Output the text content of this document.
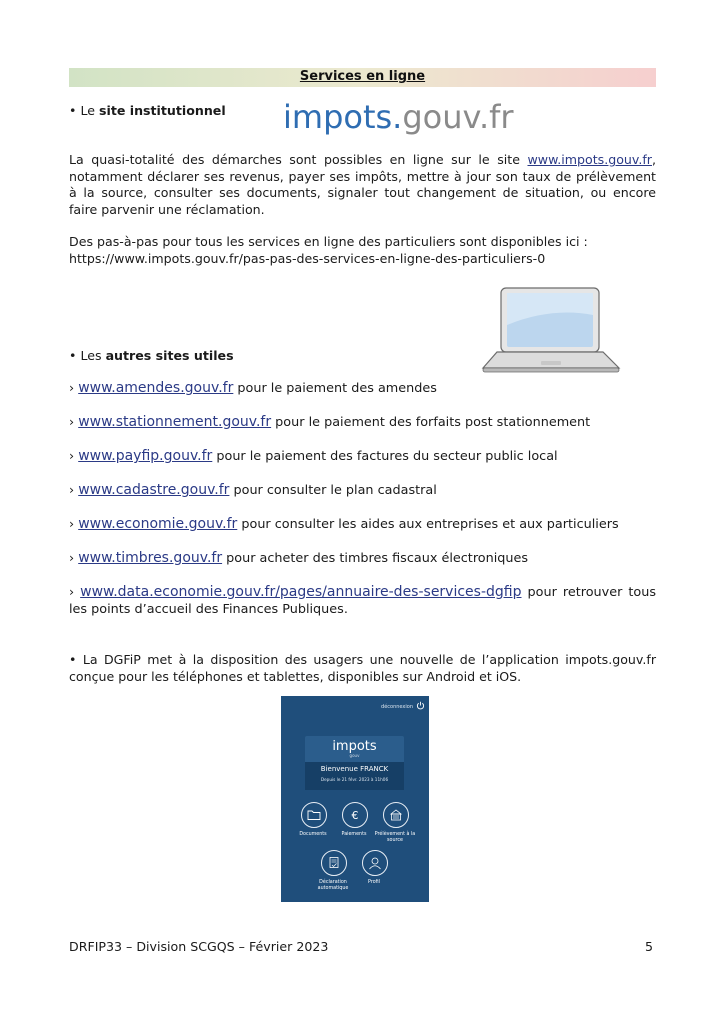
Services en ligne
• Le site institutionnel impots.gouv.fr
La quasi-totalité des démarches sont possibles en ligne sur le site www.impots.gouv.fr,
notamment déclarer ses revenus, payer ses impôts, mettre à jour son taux de prélèvement
à la source, consulter ses documents, signaler tout changement de situation, ou encore
faire parvenir une réclamation.
Des pas-à-pas pour tous les services en ligne des particuliers sont disponibles ici :
https://www.impots.gouv.fr/pas-pas-des-services-en-ligne-des-particuliers-0
• Les autres sites utiles
› www.amendes.gouv.fr pour le paiement des amendes
› www.stationnement.gouv.fr pour le paiement des forfaits post stationnement
› www.payfip.gouv.fr pour le paiement des factures du secteur public local
› www.cadastre.gouv.fr pour consulter le plan cadastral
› www.economie.gouv.fr pour consulter les aides aux entreprises et aux particuliers
› www.timbres.gouv.fr pour acheter des timbres fiscaux électroniques
› www.data.economie.gouv.fr/pages/annuaire-des-services-dgfip pour retrouver tous
les points d’accueil des Finances Publiques.
• La DGFiP met à la disposition des usagers une nouvelle de l’application impots.gouv.fr
conçue pour les téléphones et tablettes, disponibles sur Android et iOS.
déconnexion
impots
gouv
Bienvenue FRANCK
Depuis le 21 févr. 2023 à 11h06
Documents
€
Paiements	Prélèvement à la
source
Déclaration
automatique
Profil
DRFIP33 – Division SCGQS – Février 2023	5
